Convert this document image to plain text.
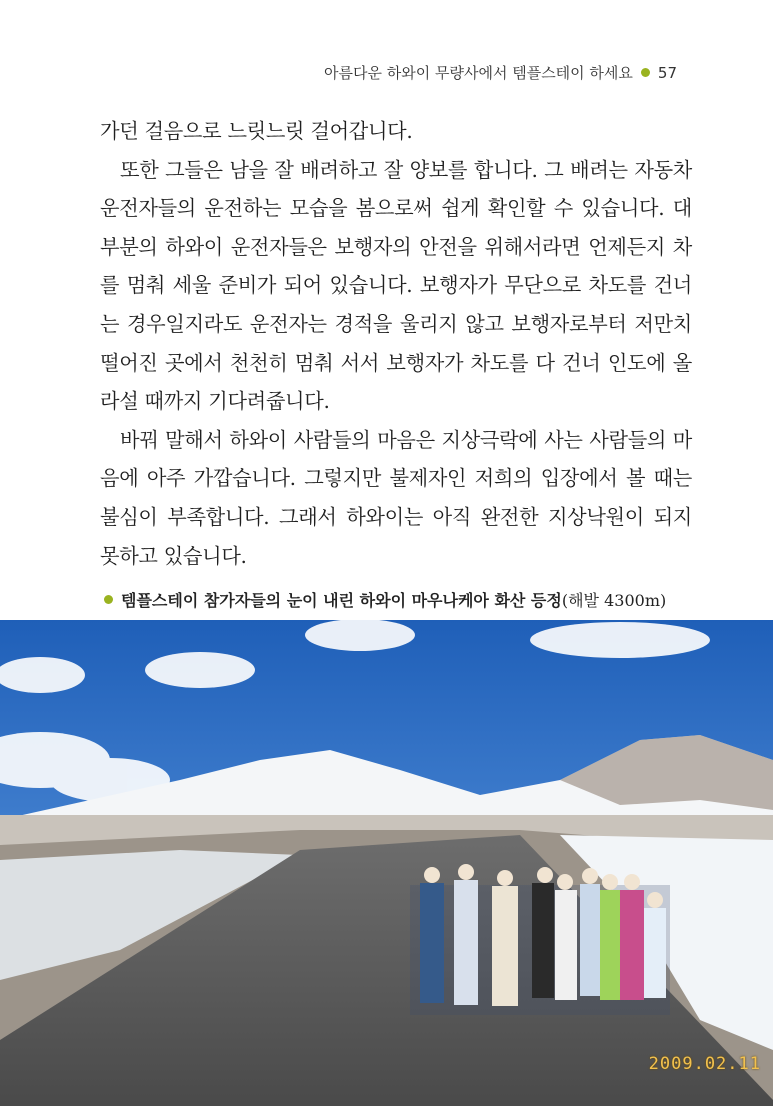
아름다운 하와이 무량사에서 템플스테이 하세요 57

가던 걸음으로 느릿느릿 걸어갑니다.

또한 그들은 남을 잘 배려하고 잘 양보를 합니다. 그 배려는 자동차 운전자들의 운전하는 모습을 봄으로써 쉽게 확인할 수 있습니다. 대부분의 하와이 운전자들은 보행자의 안전을 위해서라면 언제든지 차를 멈춰 세울 준비가 되어 있습니다. 보행자가 무단으로 차도를 건너는 경우일지라도 운전자는 경적을 울리지 않고 보행자로부터 저만치 떨어진 곳에서 천천히 멈춰 서서 보행자가 차도를 다 건너 인도에 올라설 때까지 기다려줍니다.

바꿔 말해서 하와이 사람들의 마음은 지상극락에 사는 사람들의 마음에 아주 가깝습니다. 그렇지만 불제자인 저희의 입장에서 볼 때는 불심이 부족합니다. 그래서 하와이는 아직 완전한 지상낙원이 되지 못하고 있습니다.

템플스테이 참가자들의 눈이 내린 하와이 마우나케아 화산 등정(해발 4300m)
2009.02.11
